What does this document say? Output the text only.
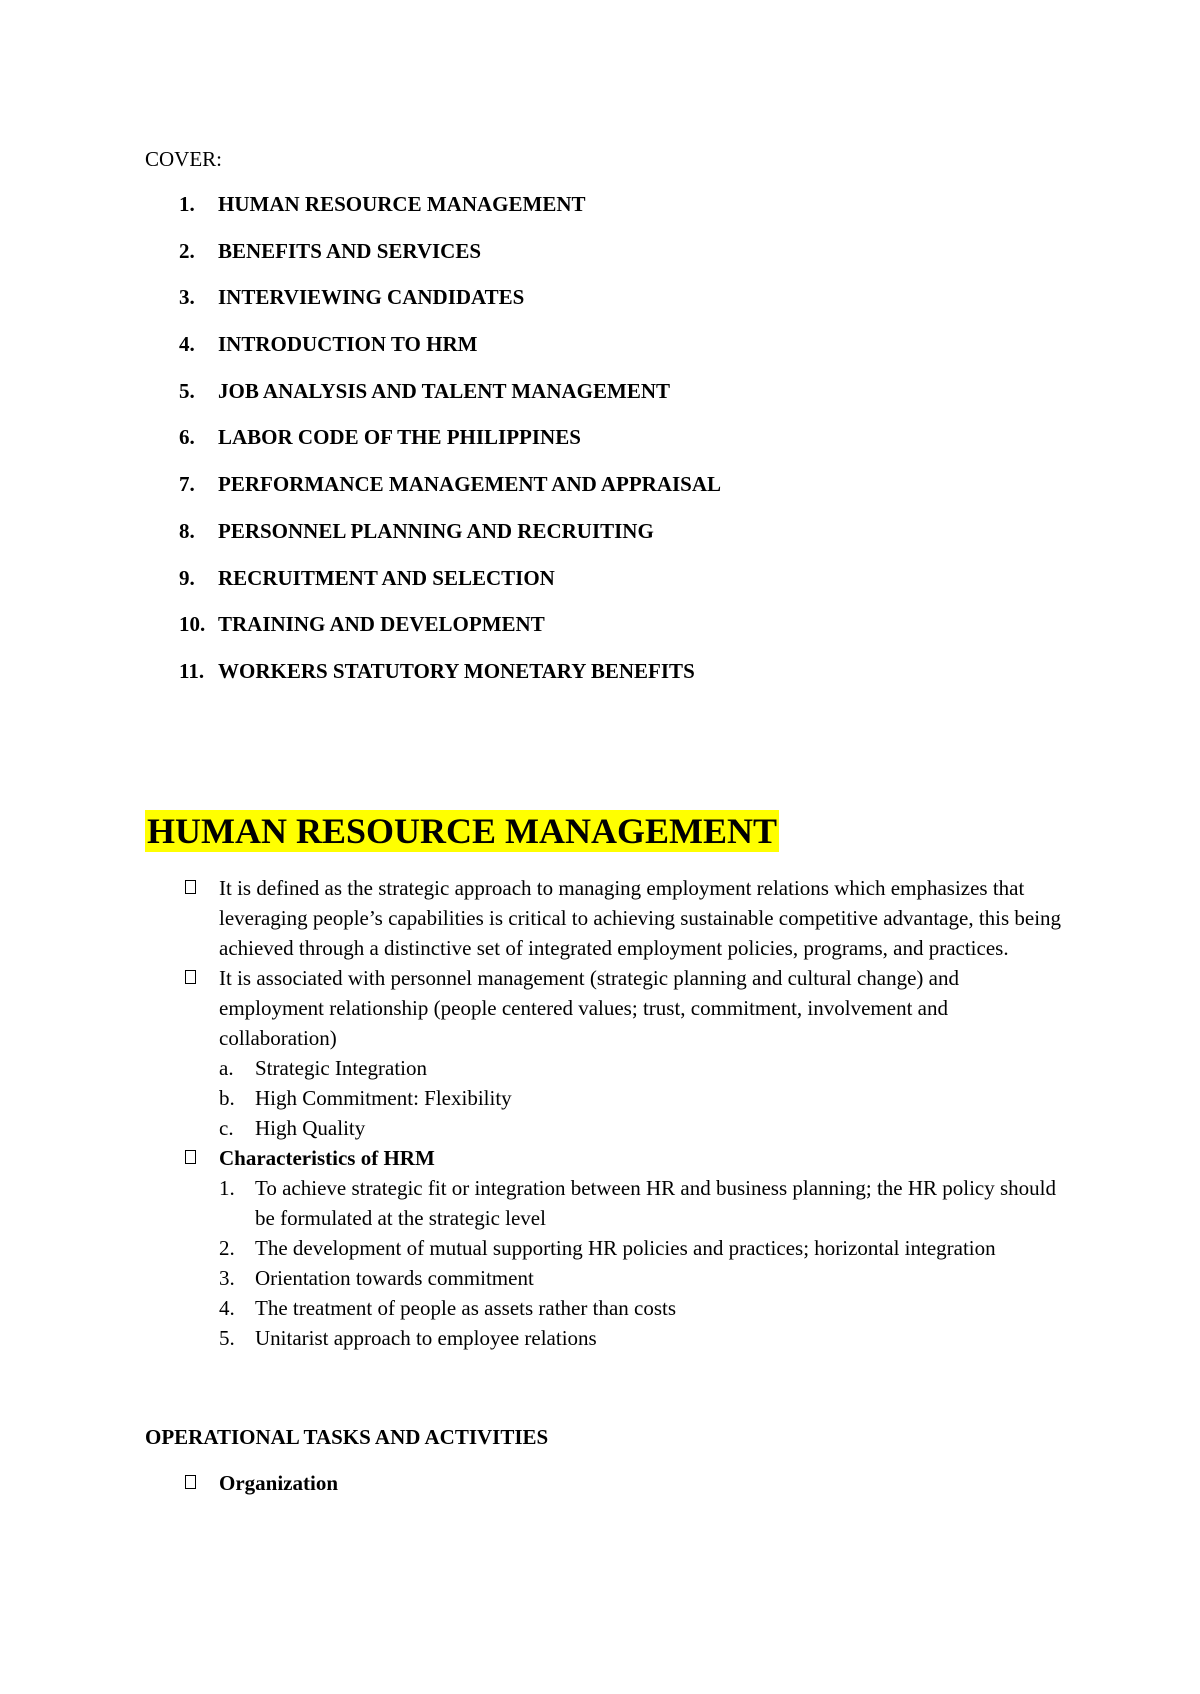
COVER:
1.	HUMAN RESOURCE MANAGEMENT
2.	BENEFITS AND SERVICES
3.	INTERVIEWING CANDIDATES
4.	INTRODUCTION TO HRM
5.	JOB ANALYSIS AND TALENT MANAGEMENT
6.	LABOR CODE OF THE PHILIPPINES
7.	PERFORMANCE MANAGEMENT AND APPRAISAL
8.	PERSONNEL PLANNING AND RECRUITING
9.	RECRUITMENT AND SELECTION
10. TRAINING AND DEVELOPMENT
11. WORKERS STATUTORY MONETARY BENEFITS
HUMAN RESOURCE MANAGEMENT
It is defined as the strategic approach to managing employment relations which emphasizes that leveraging people’s capabilities is critical to achieving sustainable competitive advantage, this being achieved through a distinctive set of integrated employment policies, programs, and practices.
It is associated with personnel management (strategic planning and cultural change) and employment relationship (people centered values; trust, commitment, involvement and collaboration)
a. Strategic Integration
b. High Commitment: Flexibility
c. High Quality
Characteristics of HRM
1. To achieve strategic fit or integration between HR and business planning; the HR policy should be formulated at the strategic level
2. The development of mutual supporting HR policies and practices; horizontal integration
3. Orientation towards commitment
4. The treatment of people as assets rather than costs
5. Unitarist approach to employee relations
OPERATIONAL TASKS AND ACTIVITIES
Organization
